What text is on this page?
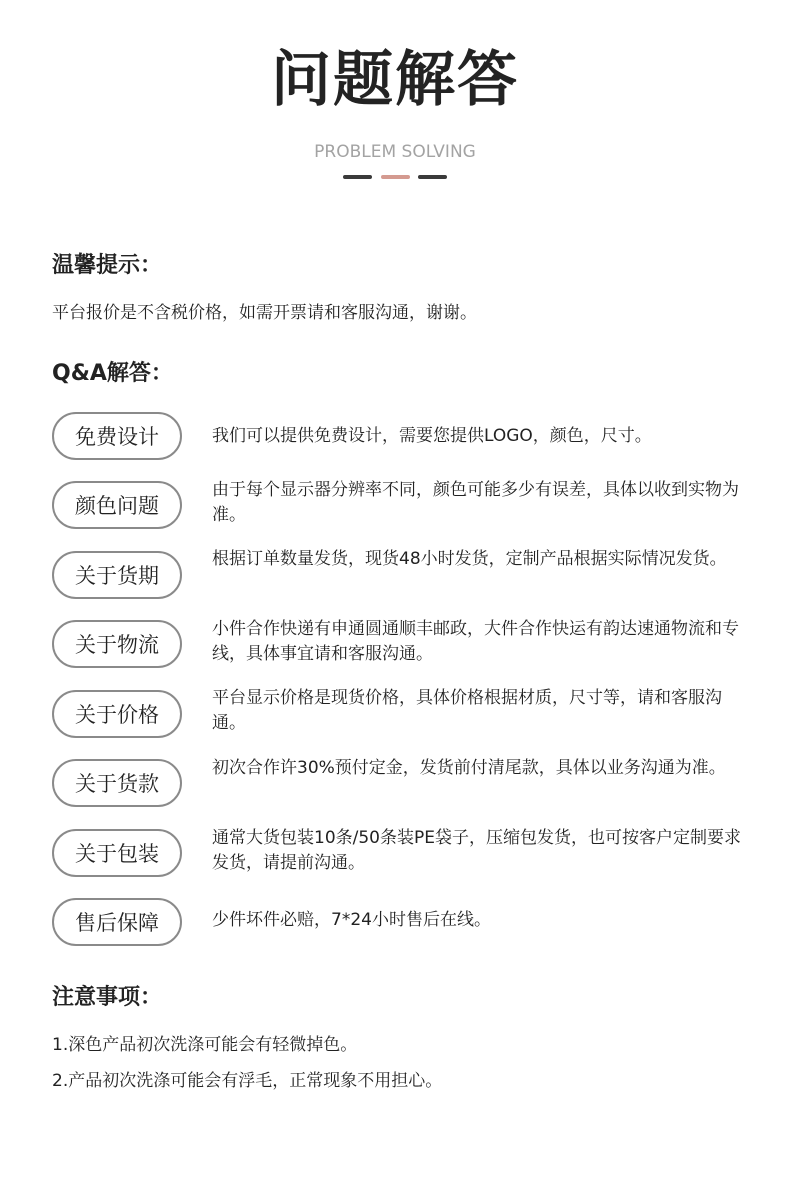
问题解答
PROBLEM SOLVING
温馨提示：
平台报价是不含税价格，如需开票请和客服沟通，谢谢。
Q&A解答：
免费设计	我们可以提供免费设计，需要您提供LOGO，颜色，尺寸。
颜色问题
由于每个显示器分辨率不同，颜色可能多少有误差，具体以收到实物为准。
关于货期
根据订单数量发货，现货48小时发货，定制产品根据实际情况发货。
关于物流
小件合作快递有申通圆通顺丰邮政，大件合作快运有韵达速通物流和专线，具体事宜请和客服沟通。
关于价格
平台显示价格是现货价格，具体价格根据材质，尺寸等，请和客服沟通。
关于货款
初次合作许30%预付定金，发货前付清尾款，具体以业务沟通为准。
关于包装
通常大货包装10条/50条装PE袋子，压缩包发货，也可按客户定制要求发货，请提前沟通。
售后保障	少件坏件必赔，7*24小时售后在线。
注意事项：
1.深色产品初次洗涤可能会有轻微掉色。
2.产品初次洗涤可能会有浮毛，正常现象不用担心。
